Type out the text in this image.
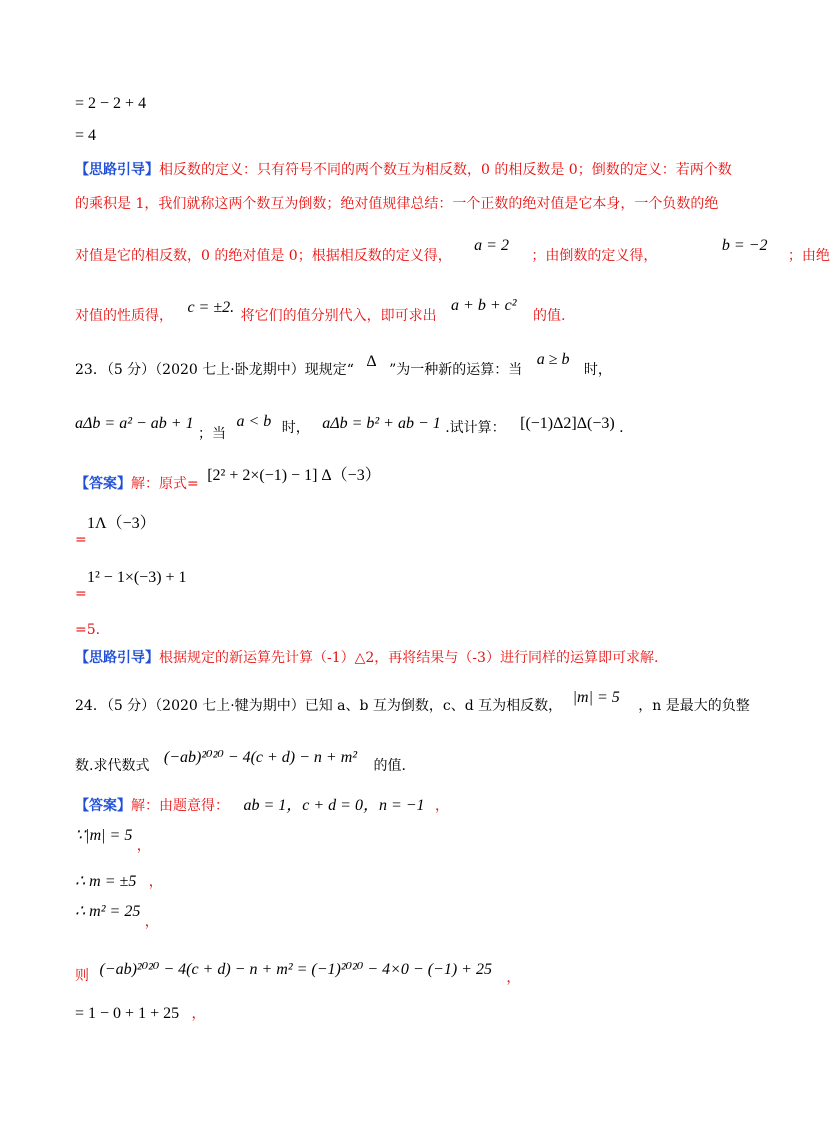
= 2 − 2 + 4
= 4
【思路引导】相反数的定义：只有符号不同的两个数互为相反数，0 的相反数是 0；倒数的定义：若两个数
的乘积是 1，我们就称这两个数互为倒数；绝对值规律总结：一个正数的绝对值是它本身，一个负数的绝
对值是它的相反数，0 的绝对值是 0；根据相反数的定义得， a = 2 ；由倒数的定义得， b = −2 ；由绝
对值的性质得， c = ±2. 将它们的值分别代入，即可求出 a + b + c² 的值.
23．（5 分）（2020 七上·卧龙期中）现规定“ Δ ”为一种新的运算：当 a ≥ b 时，
aΔb = a² − ab + 1 ；当 a < b 时， aΔb = b² + ab − 1 .试计算： [(−1)Δ2]Δ(−3) .
【答案】解：原式= [2² + 2×(−1) − 1] Δ（−3）
1Λ（−3）
=
1² − 1×(−3) + 1
=
=5.
【思路引导】根据规定的新运算先计算（-1）△2，再将结果与（-3）进行同样的运算即可求解.
24．（5 分）（2020 七上·犍为期中）已知 a、b 互为倒数，c、d 互为相反数， |m| = 5 ，n 是最大的负整
数.求代数式 (−ab)²⁰²⁰ − 4(c + d) − n + m² 的值.
【答案】解：由题意得： ab = 1，c + d = 0，n = −1 ，
∵|m| = 5 ，
∴ m = ±5 ，
∴ m² = 25 ，
则 (−ab)²⁰²⁰ − 4(c + d) − n + m² = (−1)²⁰²⁰ − 4×0 − (−1) + 25 ，
= 1 − 0 + 1 + 25 ，
